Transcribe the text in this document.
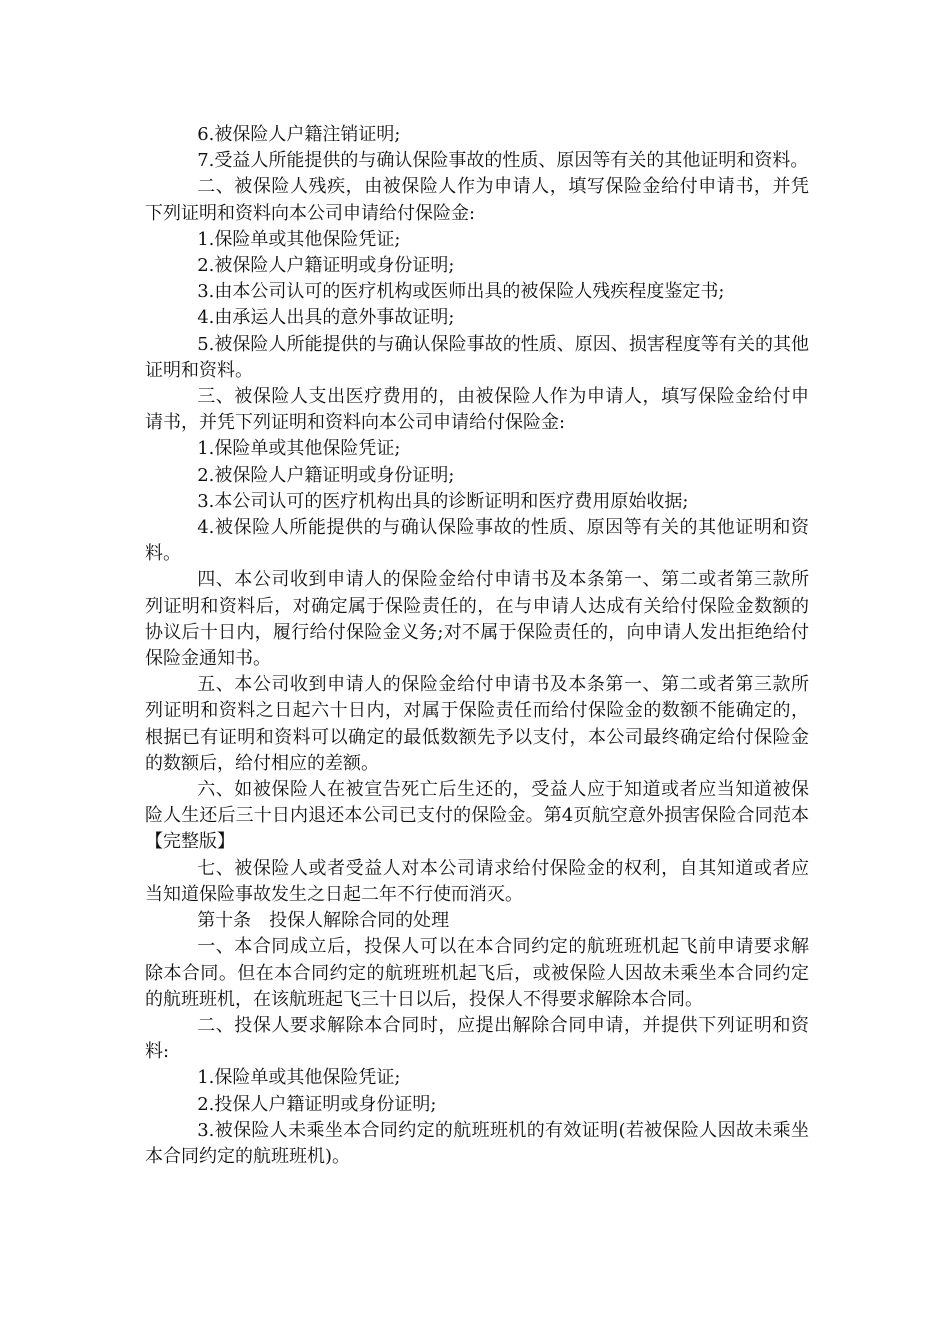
6.被保险人户籍注销证明;

7.受益人所能提供的与确认保险事故的性质、原因等有关的其他证明和资料。

二、被保险人残疾，由被保险人作为申请人，填写保险金给付申请书，并凭下列证明和资料向本公司申请给付保险金:

1.保险单或其他保险凭证;

2.被保险人户籍证明或身份证明;

3.由本公司认可的医疗机构或医师出具的被保险人残疾程度鉴定书;

4.由承运人出具的意外事故证明;

5.被保险人所能提供的与确认保险事故的性质、原因、损害程度等有关的其他证明和资料。

三、被保险人支出医疗费用的，由被保险人作为申请人，填写保险金给付申请书，并凭下列证明和资料向本公司申请给付保险金:

1.保险单或其他保险凭证;

2.被保险人户籍证明或身份证明;

3.本公司认可的医疗机构出具的诊断证明和医疗费用原始收据;

4.被保险人所能提供的与确认保险事故的性质、原因等有关的其他证明和资料。

四、本公司收到申请人的保险金给付申请书及本条第一、第二或者第三款所列证明和资料后，对确定属于保险责任的，在与申请人达成有关给付保险金数额的协议后十日内，履行给付保险金义务;对不属于保险责任的，向申请人发出拒绝给付保险金通知书。

五、本公司收到申请人的保险金给付申请书及本条第一、第二或者第三款所列证明和资料之日起六十日内，对属于保险责任而给付保险金的数额不能确定的，根据已有证明和资料可以确定的最低数额先予以支付，本公司最终确定给付保险金的数额后，给付相应的差额。

六、如被保险人在被宣告死亡后生还的，受益人应于知道或者应当知道被保险人生还后三十日内退还本公司已支付的保险金。第4页航空意外损害保险合同范本【完整版】

七、被保险人或者受益人对本公司请求给付保险金的权利，自其知道或者应当知道保险事故发生之日起二年不行使而消灭。

第十条　投保人解除合同的处理

一、本合同成立后，投保人可以在本合同约定的航班班机起飞前申请要求解除本合同。但在本合同约定的航班班机起飞后，或被保险人因故未乘坐本合同约定的航班班机，在该航班起飞三十日以后，投保人不得要求解除本合同。

二、投保人要求解除本合同时，应提出解除合同申请，并提供下列证明和资料:

1.保险单或其他保险凭证;

2.投保人户籍证明或身份证明;

3.被保险人未乘坐本合同约定的航班班机的有效证明(若被保险人因故未乘坐本合同约定的航班班机)。
